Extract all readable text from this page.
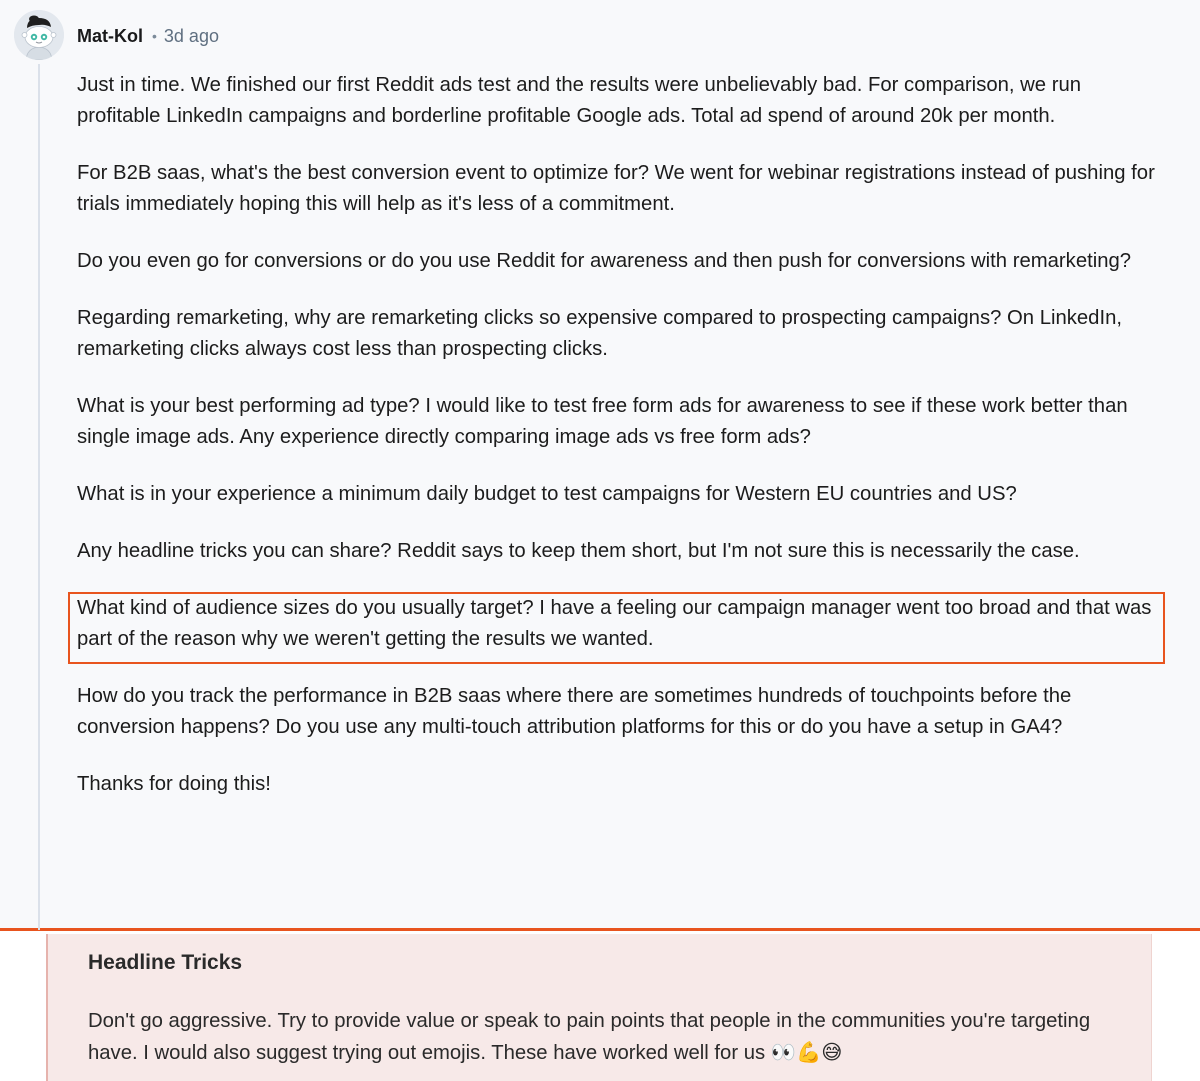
Mat-Kol • 3d ago

Just in time. We finished our first Reddit ads test and the results were unbelievably bad. For comparison, we run profitable LinkedIn campaigns and borderline profitable Google ads. Total ad spend of around 20k per month.

For B2B saas, what's the best conversion event to optimize for? We went for webinar registrations instead of pushing for trials immediately hoping this will help as it's less of a commitment.

Do you even go for conversions or do you use Reddit for awareness and then push for conversions with remarketing?

Regarding remarketing, why are remarketing clicks so expensive compared to prospecting campaigns? On LinkedIn, remarketing clicks always cost less than prospecting clicks.

What is your best performing ad type? I would like to test free form ads for awareness to see if these work better than single image ads. Any experience directly comparing image ads vs free form ads?

What is in your experience a minimum daily budget to test campaigns for Western EU countries and US?

Any headline tricks you can share? Reddit says to keep them short, but I'm not sure this is necessarily the case.

What kind of audience sizes do you usually target? I have a feeling our campaign manager went too broad and that was part of the reason why we weren't getting the results we wanted.

How do you track the performance in B2B saas where there are sometimes hundreds of touchpoints before the conversion happens? Do you use any multi-touch attribution platforms for this or do you have a setup in GA4?

Thanks for doing this!

Headline Tricks
Don't go aggressive. Try to provide value or speak to pain points that people in the communities you're targeting have. I would also suggest trying out emojis. These have worked well for us 👀💪😅
